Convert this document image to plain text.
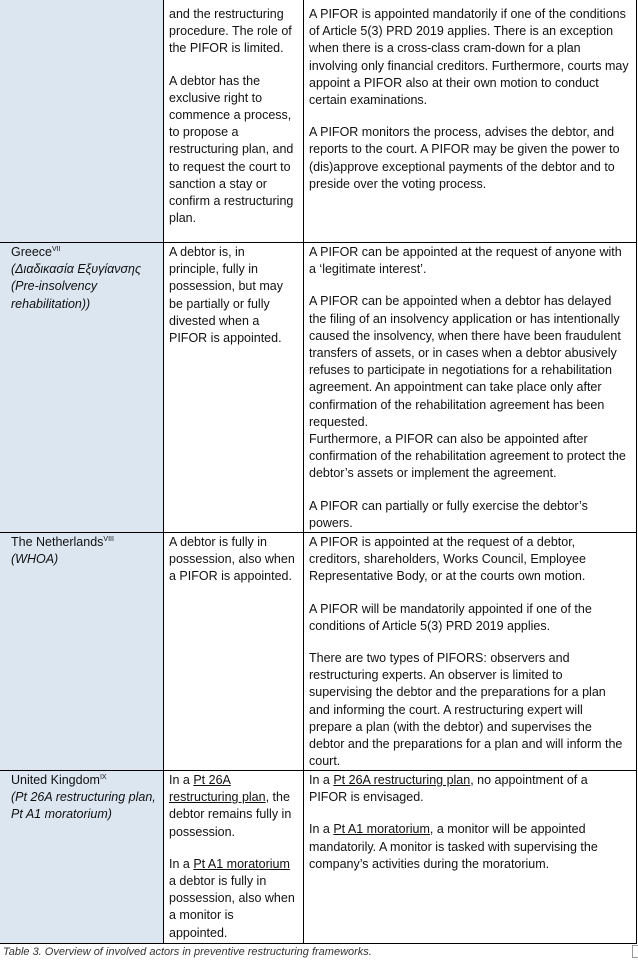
and the restructuring procedure. The role of the PIFOR is limited.

A debtor has the exclusive right to commence a process, to propose a restructuring plan, and to request the court to sanction a stay or confirm a restructuring plan.

A PIFOR is appointed mandatorily if one of the conditions of Article 5(3) PRD 2019 applies. There is an exception when there is a cross-class cram-down for a plan involving only financial creditors. Furthermore, courts may appoint a PIFOR also at their own motion to conduct certain examinations.

A PIFOR monitors the process, advises the debtor, and reports to the court. A PIFOR may be given the power to (dis)approve exceptional payments of the debtor and to preside over the voting process.

Greece$^{VII}$
(Διαδικασία Εξυγίανσης
(Pre-insolvency rehabilitation))

A debtor is, in principle, fully in possession, but may be partially or fully divested when a PIFOR is appointed.

A PIFOR can be appointed at the request of anyone with a ‘legitimate interest’.

A PIFOR can be appointed when a debtor has delayed the filing of an insolvency application or has intentionally caused the insolvency, when there have been fraudulent transfers of assets, or in cases when a debtor abusively refuses to participate in negotiations for a rehabilitation agreement. An appointment can take place only after confirmation of the rehabilitation agreement has been requested.

Furthermore, a PIFOR can also be appointed after confirmation of the rehabilitation agreement to protect the debtor’s assets or implement the agreement.

A PIFOR can partially or fully exercise the debtor’s powers.

The Netherlands$^{VIII}$
(WHOA)

A debtor is fully in possession, also when a PIFOR is appointed.

A PIFOR is appointed at the request of a debtor, creditors, shareholders, Works Council, Employee Representative Body, or at the courts own motion.

A PIFOR will be mandatorily appointed if one of the conditions of Article 5(3) PRD 2019 applies.

There are two types of PIFORS: observers and restructuring experts. An observer is limited to supervising the debtor and the preparations for a plan and informing the court. A restructuring expert will prepare a plan (with the debtor) and supervises the debtor and the preparations for a plan and will inform the court.

United Kingdom$^{IX}$
(Pt 26A restructuring plan, Pt A1 moratorium)

In a Pt 26A restructuring plan, the debtor remains fully in possession.

In a Pt A1 moratorium a debtor is fully in possession, also when a monitor is appointed.

In a Pt 26A restructuring plan, no appointment of a PIFOR is envisaged.

In a Pt A1 moratorium, a monitor will be appointed mandatorily. A monitor is tasked with supervising the company’s activities during the moratorium.

Table 3. Overview of involved actors in preventive restructuring frameworks.
